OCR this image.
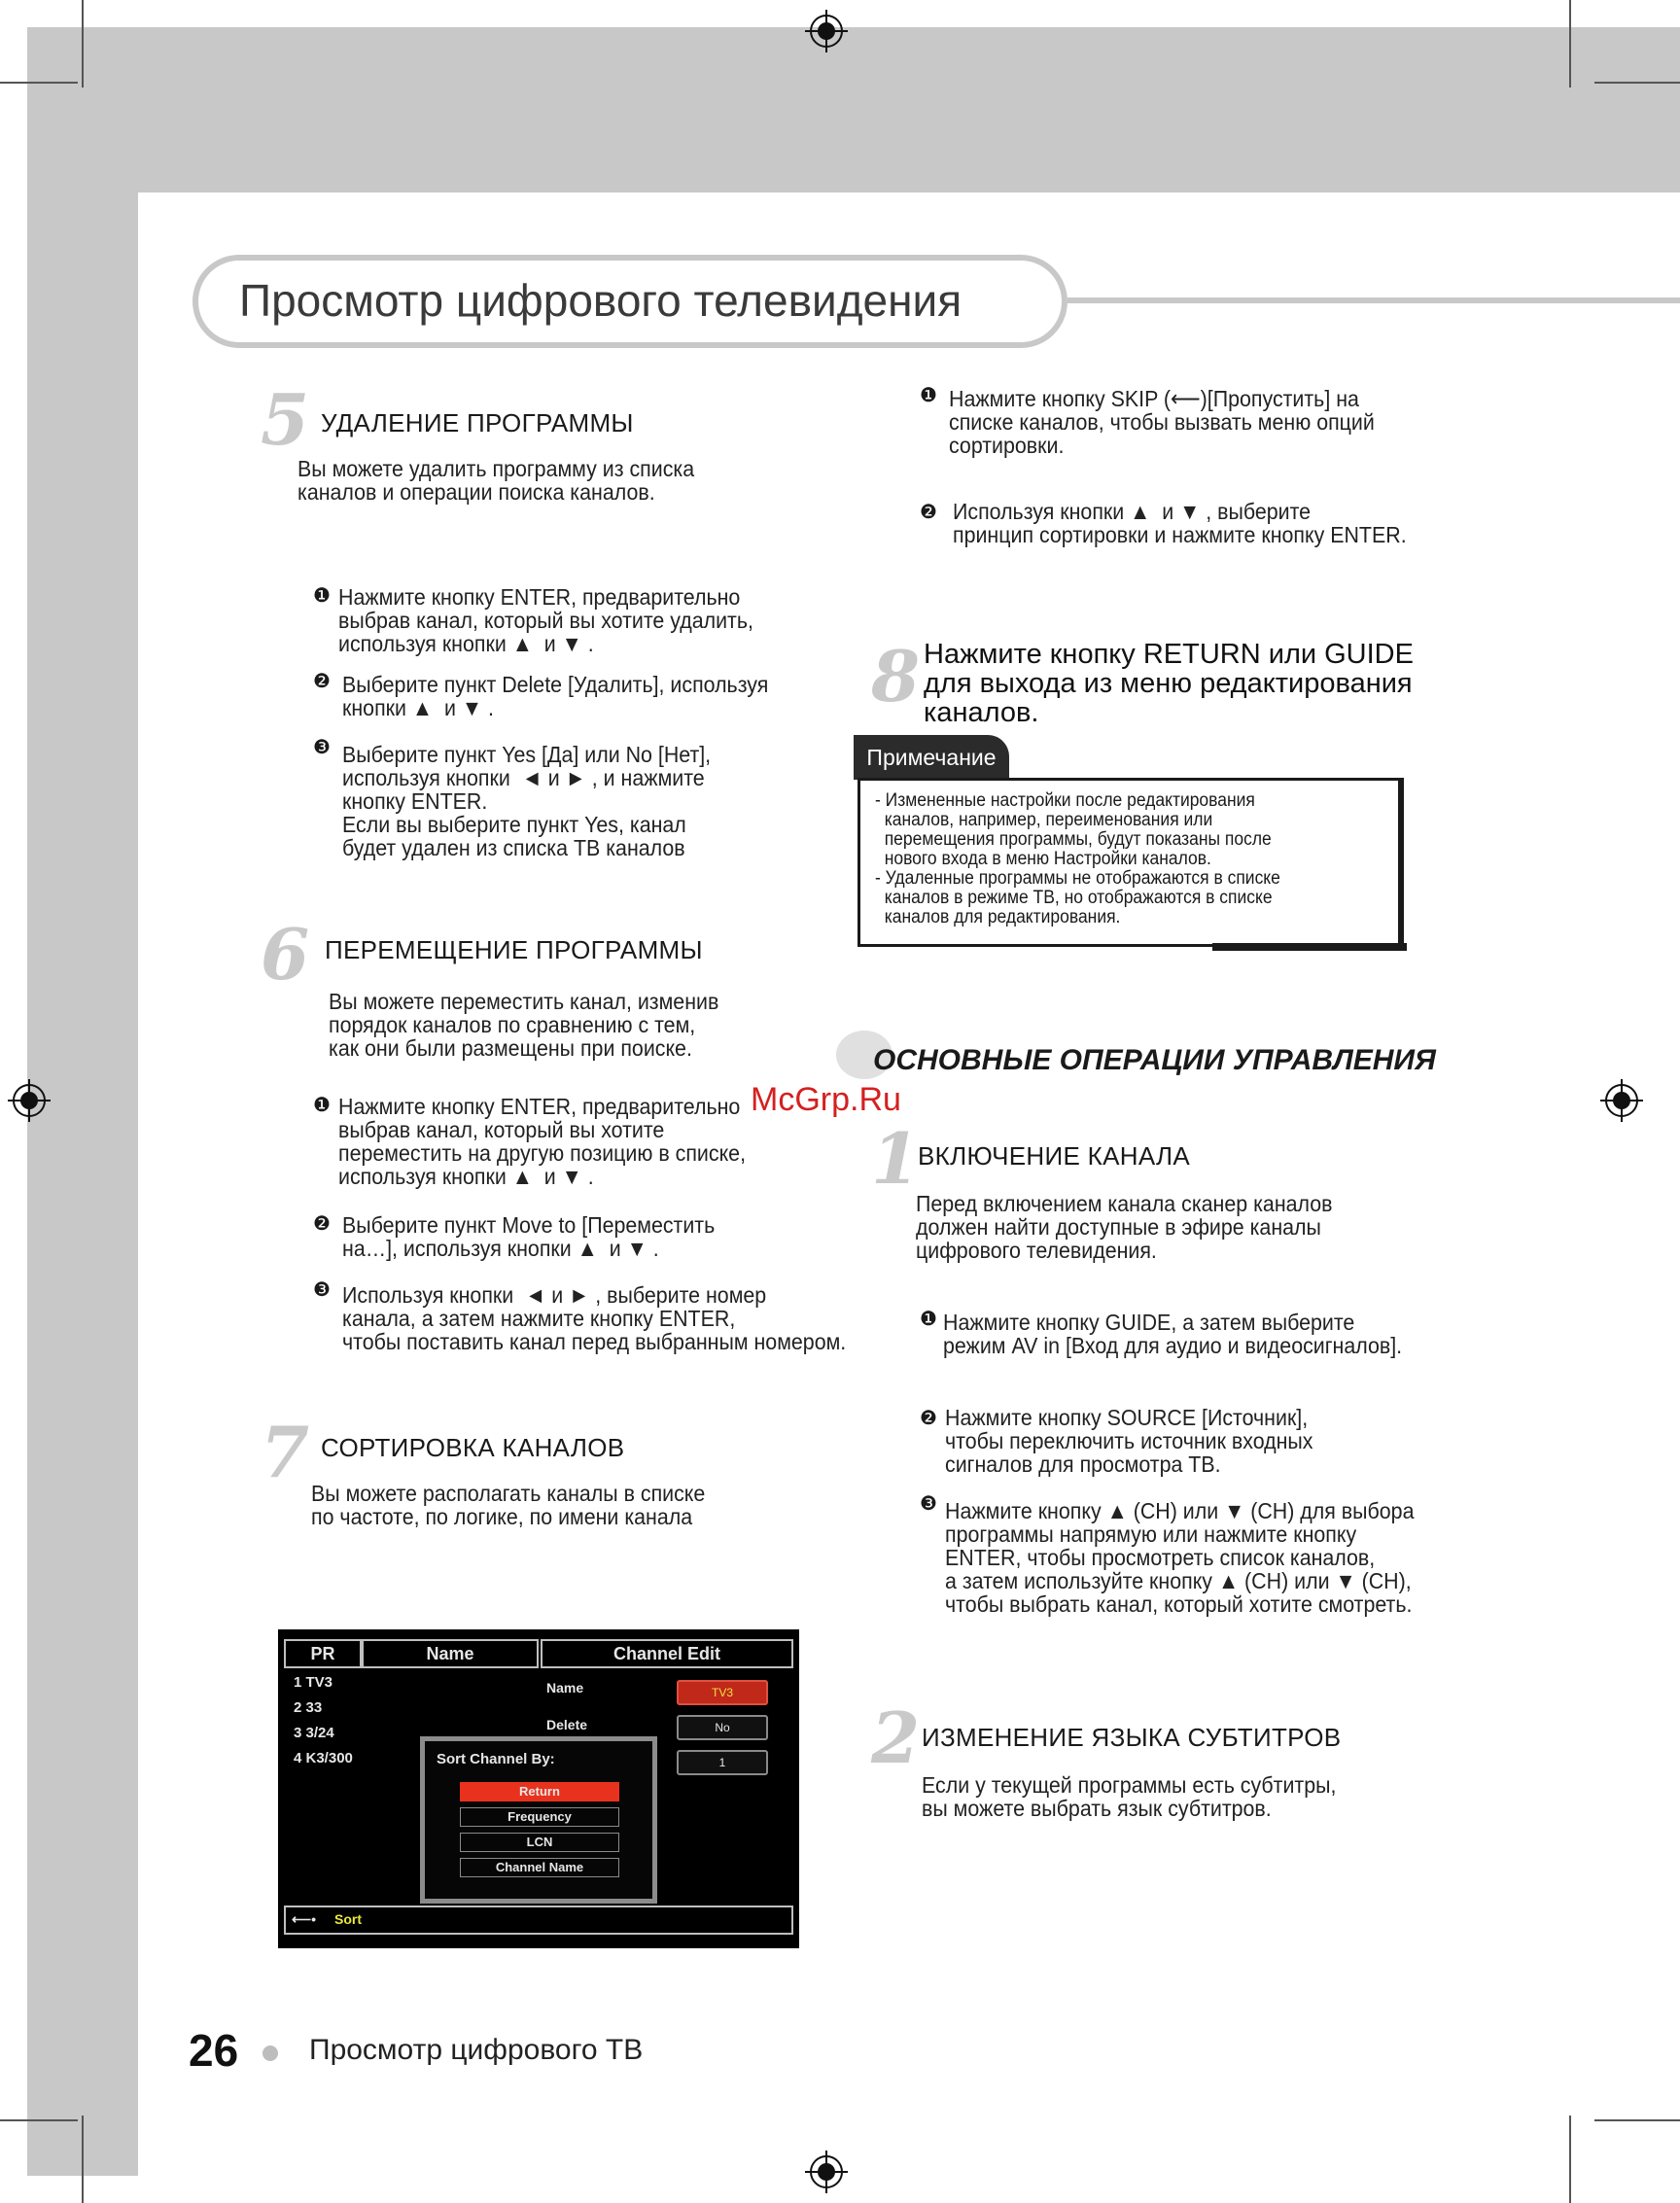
Просмотр цифрового телевидения
5 УДАЛЕНИЕ ПРОГРАММЫ
Вы можете удалить программу из списка
каналов и операции поиска каналов.
❶ Нажмите кнопку ENTER, предварительно
выбрав канал, который вы хотите удалить,
используя кнопки ▲  и ▼ .
❷ Выберите пункт Delete [Удалить], используя
кнопки ▲  и ▼ .
❸ Выберите пункт Yes [Да] или No [Нет],
используя кнопки  ◄ и ► , и нажмите
кнопку ENTER.
Если вы выберите пункт Yes, канал
будет удален из списка ТВ каналов
6 ПЕРЕМЕЩЕНИЕ ПРОГРАММЫ
Вы можете переместить канал, изменив
порядок каналов по сравнению с тем,
как они были размещены при поиске.
❶ Нажмите кнопку ENTER, предварительно
выбрав канал, который вы хотите
переместить на другую позицию в списке,
используя кнопки ▲  и ▼ .
❷ Выберите пункт Move to [Переместить
на…], используя кнопки ▲  и ▼ .
❸ Используя кнопки  ◄ и ► , выберите номер
канала, а затем нажмите кнопку ENTER,
чтобы поставить канал перед выбранным номером.
7 СОРТИРОВКА КАНАЛОВ
Вы можете располагать каналы в списке
по частоте, по логике, по имени канала
PR	Name	Channel Edit
1 TV3
2 33
3 3/24
4 K3/300
Name
Delete
TV3
No
1
Sort Channel By:
Return
Frequency
LCN
Channel Name
⟵• Sort
❶ Нажмите кнопку SKIP (⟵)[Пропустить] на
списке каналов, чтобы вызвать меню опций
сортировки.
❷ Используя кнопки ▲  и ▼ , выберите
принцип сортировки и нажмите кнопку ENTER.
8 Нажмите кнопку RETURN или GUIDE
для выхода из меню редактирования
каналов.
Примечание
- Измененные настройки после редактирования
каналов, например, переименования или
перемещения программы, будут показаны после
нового входа в меню Настройки каналов.
- Удаленные программы не отображаются в списке
каналов в режиме ТВ, но отображаются в списке
каналов для редактирования.
ОСНОВНЫЕ ОПЕРАЦИИ УПРАВЛЕНИЯ
McGrp.Ru
1
ВКЛЮЧЕНИЕ КАНАЛА
Перед включением канала сканер каналов
должен найти доступные в эфире каналы
цифрового телевидения.
❶ Нажмите кнопку GUIDE, а затем выберите
режим AV in [Вход для аудио и видеосигналов].
❷ Нажмите кнопку SOURCE [Источник],
чтобы переключить источник входных
сигналов для просмотра ТВ.
❸ Нажмите кнопку ▲ (CH) или ▼ (CH) для выбора
программы напрямую или нажмите кнопку
ENTER, чтобы просмотреть список каналов,
а затем используйте кнопку ▲ (CH) или ▼ (CH),
чтобы выбрать канал, который хотите смотреть.
2 ИЗМЕНЕНИЕ ЯЗЫКА СУБТИТРОВ
Если у текущей программы есть субтитры,
вы можете выбрать язык субтитров.
26 Просмотр цифрового ТВ
